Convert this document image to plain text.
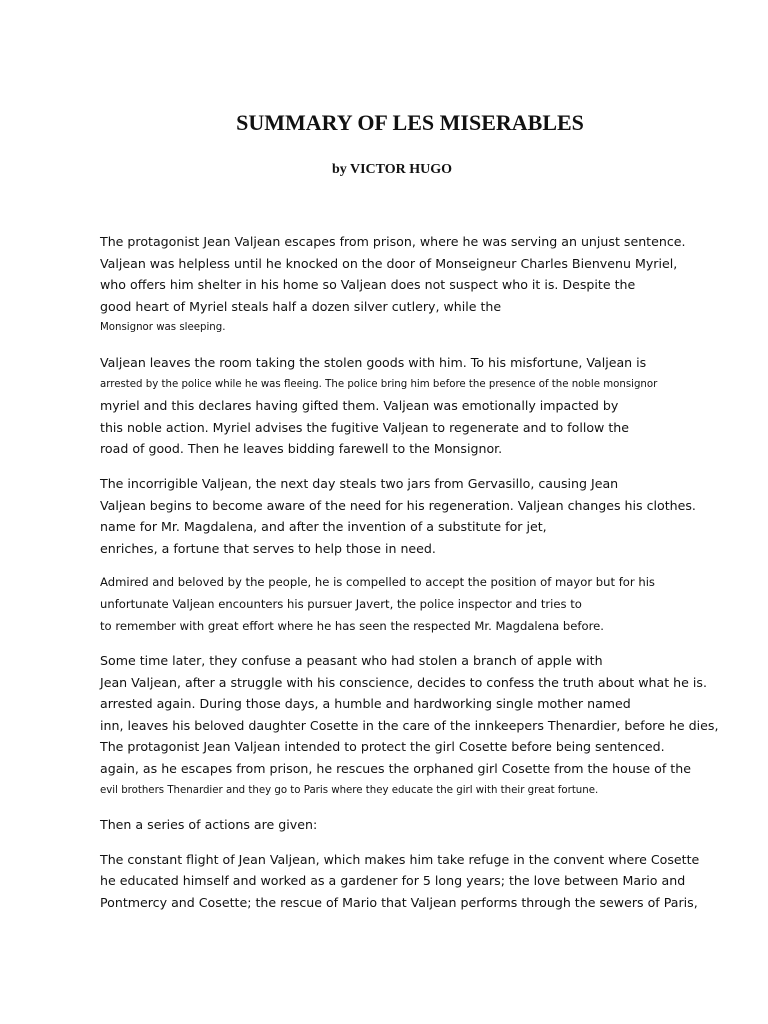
SUMMARY OF LES MISERABLES
by VICTOR HUGO

The protagonist Jean Valjean escapes from prison, where he was serving an unjust sentence.
Valjean was helpless until he knocked on the door of Monseigneur Charles Bienvenu Myriel,
who offers him shelter in his home so Valjean does not suspect who it is. Despite the
good heart of Myriel steals half a dozen silver cutlery, while the
Monsignor was sleeping.

Valjean leaves the room taking the stolen goods with him. To his misfortune, Valjean is
arrested by the police while he was fleeing. The police bring him before the presence of the noble monsignor
myriel and this declares having gifted them. Valjean was emotionally impacted by
this noble action. Myriel advises the fugitive Valjean to regenerate and to follow the
road of good. Then he leaves bidding farewell to the Monsignor.

The incorrigible Valjean, the next day steals two jars from Gervasillo, causing Jean
Valjean begins to become aware of the need for his regeneration. Valjean changes his clothes.
name for Mr. Magdalena, and after the invention of a substitute for jet,
enriches, a fortune that serves to help those in need.

Admired and beloved by the people, he is compelled to accept the position of mayor but for his
unfortunate Valjean encounters his pursuer Javert, the police inspector and tries to
to remember with great effort where he has seen the respected Mr. Magdalena before.

Some time later, they confuse a peasant who had stolen a branch of apple with
Jean Valjean, after a struggle with his conscience, decides to confess the truth about what he is.
arrested again. During those days, a humble and hardworking single mother named
inn, leaves his beloved daughter Cosette in the care of the innkeepers Thenardier, before he dies,
The protagonist Jean Valjean intended to protect the girl Cosette before being sentenced.
again, as he escapes from prison, he rescues the orphaned girl Cosette from the house of the
evil brothers Thenardier and they go to Paris where they educate the girl with their great fortune.

Then a series of actions are given:

The constant flight of Jean Valjean, which makes him take refuge in the convent where Cosette
he educated himself and worked as a gardener for 5 long years; the love between Mario and
Pontmercy and Cosette; the rescue of Mario that Valjean performs through the sewers of Paris,
